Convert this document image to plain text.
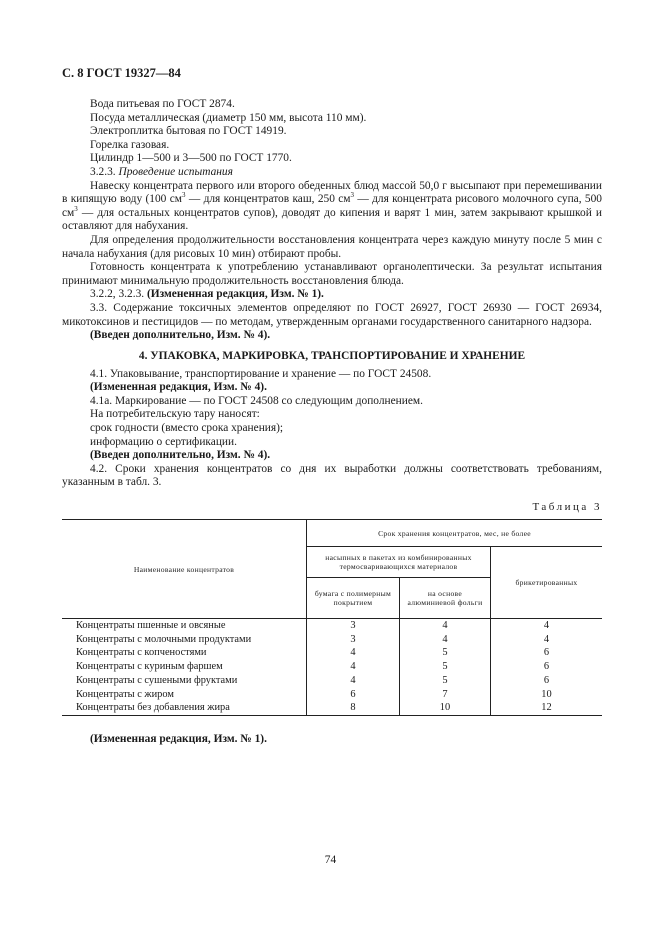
С. 8 ГОСТ 19327—84
Вода питьевая по ГОСТ 2874.
Посуда металлическая (диаметр 150 мм, высота 110 мм).
Электроплитка бытовая по ГОСТ 14919.
Горелка газовая.
Цилиндр 1—500 и 3—500 по ГОСТ 1770.
3.2.3. Проведение испытания
Навеску концентрата первого или второго обеденных блюд массой 50,0 г высыпают при перемешивании в кипящую воду (100 $см^3$ — для концентратов каш, 250 $см^3$ — для концентрата рисового молочного супа, 500 $см^3$ — для остальных концентратов супов), доводят до кипения и варят 1 мин, затем закрывают крышкой и оставляют для набухания.
Для определения продолжительности восстановления концентрата через каждую минуту после 5 мин с начала набухания (для рисовых 10 мин) отбирают пробы.
Готовность концентрата к употреблению устанавливают органолептически. За результат испытания принимают минимальную продолжительность восстановления блюда.
3.2.2, 3.2.3. (Измененная редакция, Изм. № 1).
3.3. Содержание токсичных элементов определяют по ГОСТ 26927, ГОСТ 26930 — ГОСТ 26934, микотоксинов и пестицидов — по методам, утвержденным органами государственного санитарного надзора.
(Введен дополнительно, Изм. № 4).
4. УПАКОВКА, МАРКИРОВКА, ТРАНСПОРТИРОВАНИЕ И ХРАНЕНИЕ
4.1. Упаковывание, транспортирование и хранение — по ГОСТ 24508.
(Измененная редакция, Изм. № 4).
4.1а. Маркирование — по ГОСТ 24508 со следующим дополнением.
На потребительскую тару наносят:
срок годности (вместо срока хранения);
информацию о сертификации.
(Введен дополнительно, Изм. № 4).
4.2. Сроки хранения концентратов со дня их выработки должны соответствовать требованиям, указанным в табл. 3.
Таблица 3
Наименование концентратов	Срок хранения концентратов, мес, не более		
	насыпных в пакетах из комбинированных термосваривающихся материалов		брикетированных
	бумага с полимерным покрытием	на основе алюминиевой фольги	
Концентраты пшенные и овсяные	3	4	4
Концентраты с молочными продуктами	3	4	4
Концентраты с копченостями	4	5	6
Концентраты с куриным фаршем	4	5	6
Концентраты с сушеными фруктами	4	5	6
Концентраты с жиром	6	7	10
Концентраты без добавления жира	8	10	12
(Измененная редакция, Изм. № 1).
74
